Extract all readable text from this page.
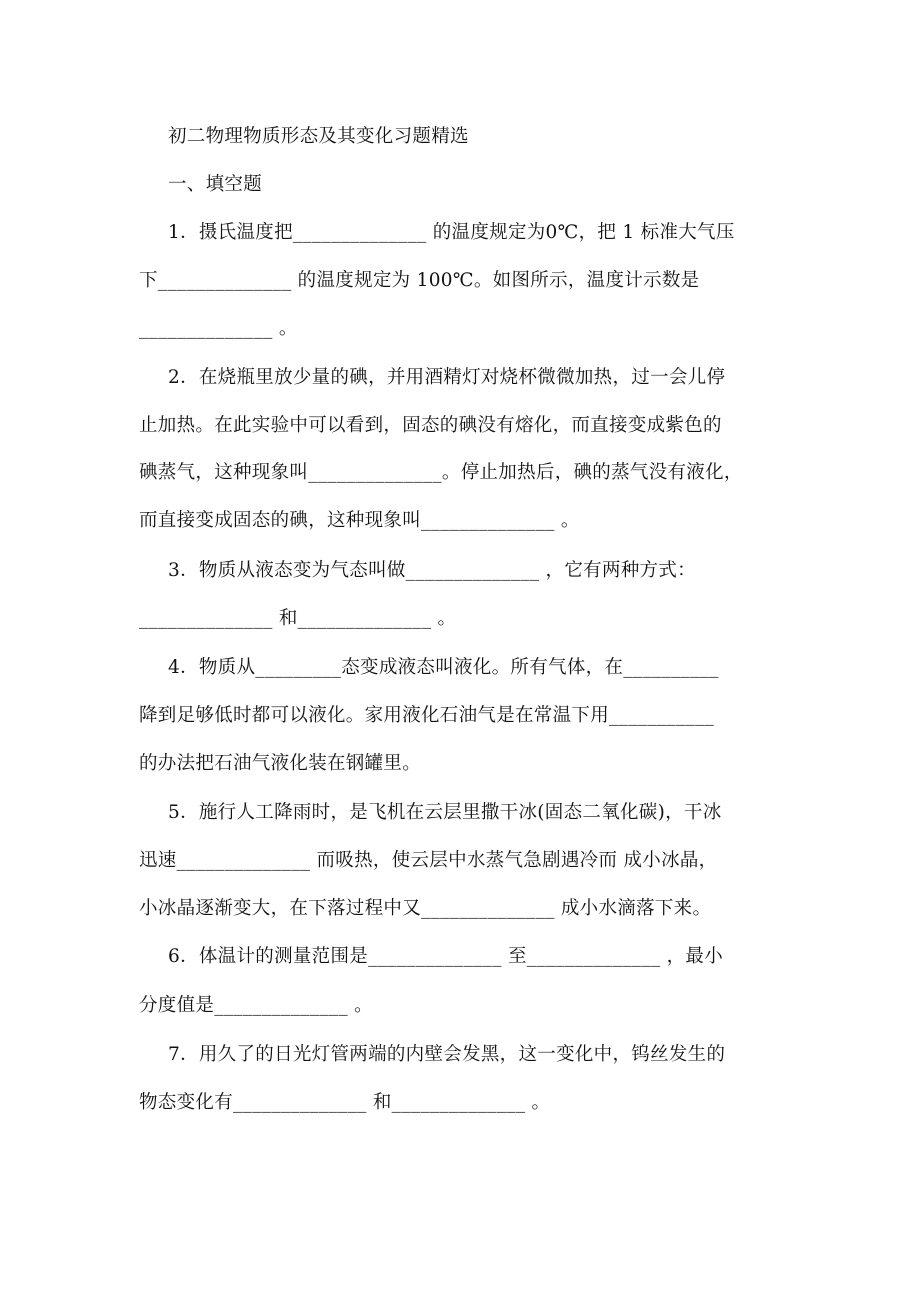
初二物理物质形态及其变化习题精选
一、填空题
1．摄氏温度把______________ 的温度规定为0℃，把 1 标准大气压
下______________ 的温度规定为 100℃。如图所示，温度计示数是
______________ 。
2．在烧瓶里放少量的碘，并用酒精灯对烧杯微微加热，过一会儿停
止加热。在此实验中可以看到，固态的碘没有熔化，而直接变成紫色的
碘蒸气，这种现象叫______________。停止加热后，碘的蒸气没有液化，
而直接变成固态的碘，这种现象叫______________ 。
3．物质从液态变为气态叫做______________ ，它有两种方式：
______________ 和______________ 。
4．物质从_________态变成液态叫液化。所有气体，在__________
降到足够低时都可以液化。家用液化石油气是在常温下用___________
的办法把石油气液化装在钢罐里。
5．施行人工降雨时，是飞机在云层里撒干冰(固态二氧化碳)，干冰
迅速______________ 而吸热，使云层中水蒸气急剧遇冷而 成小冰晶，
小冰晶逐渐变大，在下落过程中又______________ 成小水滴落下来。
6．体温计的测量范围是______________ 至______________ ，最小
分度值是______________ 。
7．用久了的日光灯管两端的内壁会发黑，这一变化中，钨丝发生的
物态变化有______________ 和______________ 。
